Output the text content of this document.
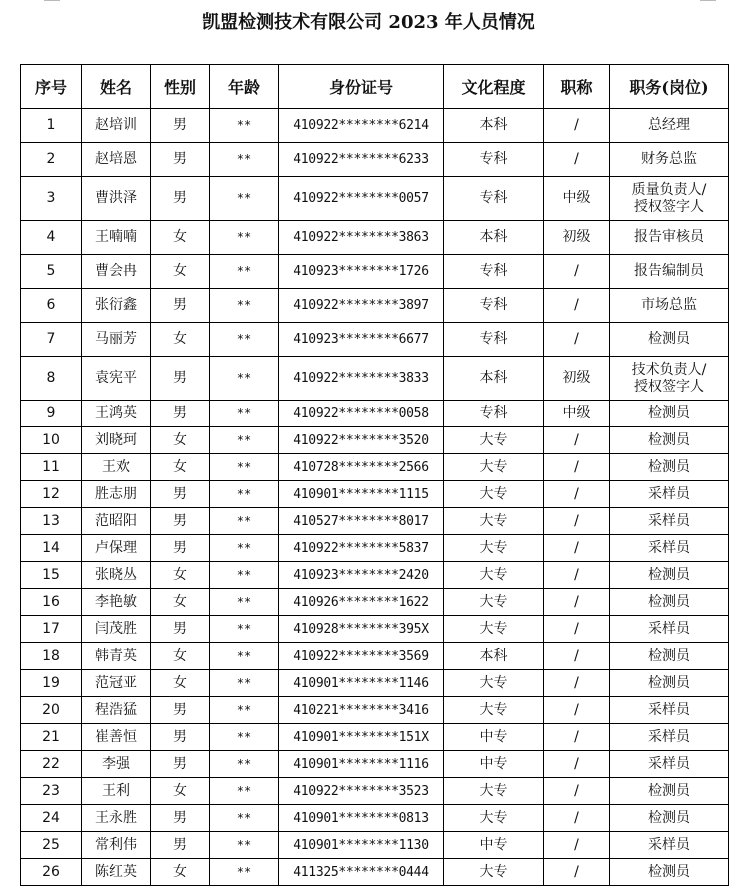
凯盟检测技术有限公司 2023 年人员情况
序号	姓名	性别	年龄	身份证号	文化程度	职称	职务(岗位)
1	赵培训	男	**	410922********6214	本科	/	总经理
2	赵培恩	男	**	410922********6233	专科	/	财务总监
3	曹洪泽	男	**	410922********0057	专科	中级	质量负责人/
授权签字人
4	王喃喃	女	**	410922********3863	本科	初级	报告审核员
5	曹会冉	女	**	410923********1726	专科	/	报告编制员
6	张衍鑫	男	**	410922********3897	专科	/	市场总监
7	马丽芳	女	**	410923********6677	专科	/	检测员
8	袁宪平	男	**	410922********3833	本科	初级	技术负责人/
授权签字人
9	王鸿英	男	**	410922********0058	专科	中级	检测员
10	刘晓珂	女	**	410922********3520	大专	/	检测员
11	王欢	女	**	410728********2566	大专	/	检测员
12	胜志朋	男	**	410901********1115	大专	/	采样员
13	范昭阳	男	**	410527********8017	大专	/	采样员
14	卢保理	男	**	410922********5837	大专	/	采样员
15	张晓丛	女	**	410923********2420	大专	/	检测员
16	李艳敏	女	**	410926********1622	大专	/	检测员
17	闫茂胜	男	**	410928********395X	大专	/	采样员
18	韩青英	女	**	410922********3569	本科	/	检测员
19	范冠亚	女	**	410901********1146	大专	/	检测员
20	程浩猛	男	**	410221********3416	大专	/	采样员
21	崔善恒	男	**	410901********151X	中专	/	采样员
22	李强	男	**	410901********1116	中专	/	采样员
23	王利	女	**	410922********3523	大专	/	检测员
24	王永胜	男	**	410901********0813	大专	/	检测员
25	常利伟	男	**	410901********1130	中专	/	采样员
26	陈红英	女	**	411325********0444	大专	/	检测员
